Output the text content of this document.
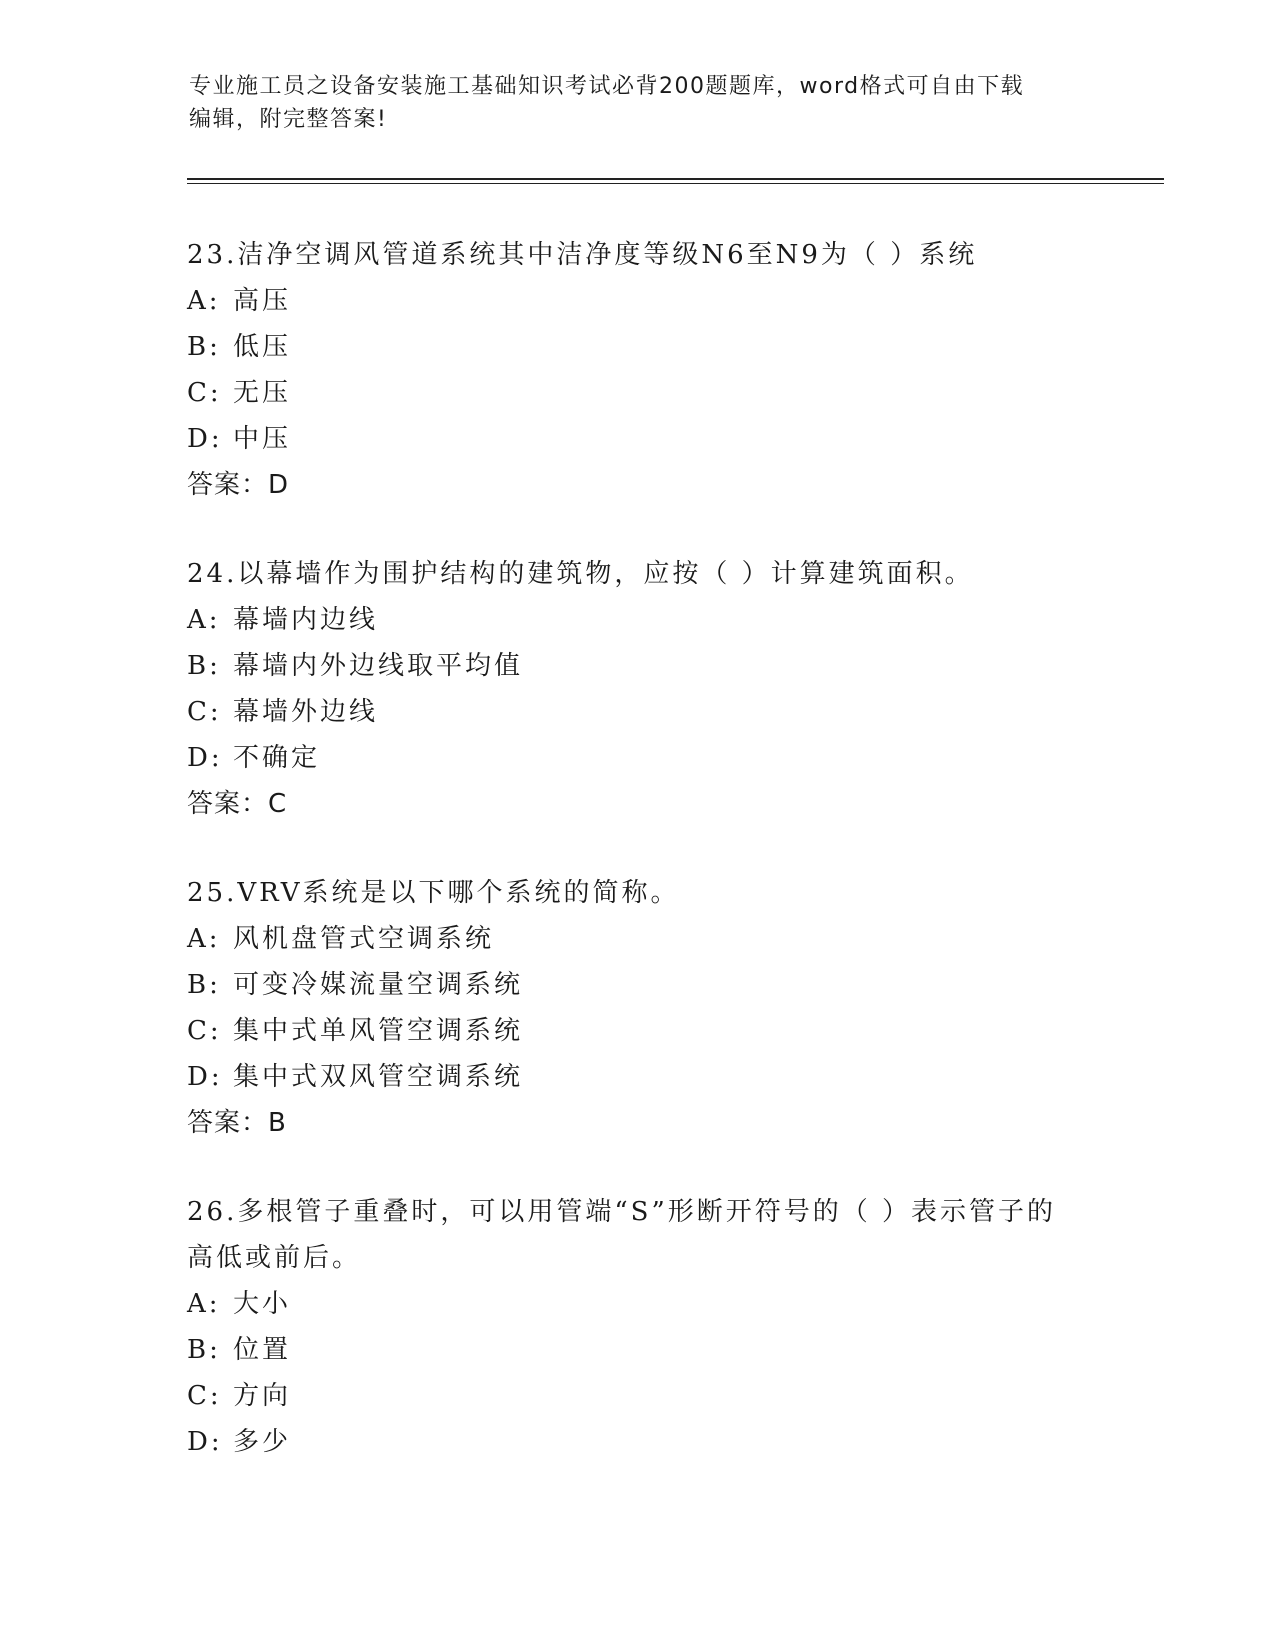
专业施工员之设备安装施工基础知识考试必背200题题库，word格式可自由下载
编辑，附完整答案!
23.洁净空调风管道系统其中洁净度等级N6至N9为（ ）系统
A: 高压
B: 低压
C: 无压
D: 中压
答案：D
24.以幕墙作为围护结构的建筑物，应按（ ）计算建筑面积。
A: 幕墙内边线
B: 幕墙内外边线取平均值
C: 幕墙外边线
D: 不确定
答案：C
25.VRV系统是以下哪个系统的简称。
A: 风机盘管式空调系统
B: 可变冷媒流量空调系统
C: 集中式单风管空调系统
D: 集中式双风管空调系统
答案：B
26.多根管子重叠时，可以用管端“S”形断开符号的（ ）表示管子的高低或前后。
A: 大小
B: 位置
C: 方向
D: 多少
